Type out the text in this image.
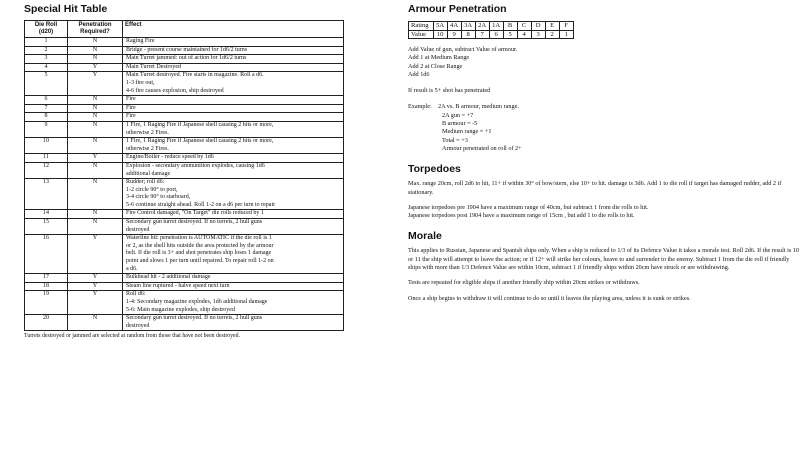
Special Hit Table
Die Roll (d20)	Penetration Required?	Effect
1	N	Raging Fire

2	N	Bridge - present course maintained for 1d6/2 turns

3	N	Main Turret jammed: out of action for 1d6/2 turns

4	Y	Main Turret Destroyed

5	Y	Main Turret destroyed. Fire starts in magazine. Roll a d6.
1-3 fire out,
4-6 fire causes explosion, ship destroyed

6	N	Fire

7	N	Fire

8	N	Fire

9	N	1 Fire, 1 Raging Fire if Japanese shell causing 2 hits or more,
otherwise 2 Fires.

10	N	1 Fire, 1 Raging Fire if Japanese shell causing 2 hits or more,
otherwise 2 Fires.

11	Y	Engine/Boiler - reduce speed by 1d6

12	N	Explosion - secondary ammunition explodes, causing 1d6
additional damage

13	N	Rudder; roll d6:
1-2 circle 90° to port,
3-4 circle 90° to starboard,
5-6 continue straight ahead. Roll 1-2 on a d6 per turn to repair

14	N	Fire Control damaged, "On Target" die rolls reduced by 1

15	N	Secondary gun turret destroyed. If no turrets, 2 hull guns
destroyed

16	Y	Waterline hit: penetration is AUTOMATIC if the die roll is 1
or 2, as the shell hits outside the area protected by the armour
belt. If die roll is 3+ and shot penetrates ship loses 1 damage
point and slows 1 per turn until repaired. To repair roll 1-2 on
a d6.

17	Y	Bulkhead hit - 2 additional damage

18	Y	Steam line ruptured - halve speed next turn

19	Y	Roll d6:
1-4: Secondary magazine explodes, 1d6 additional damage
5-6: Main magazine explodes, ship destroyed

20	N	Secondary gun turret destroyed. If no turrets, 2 hull guns
destroyed
Turrets destroyed or jammed are selected at random from those that have not been destroyed.
Armour Penetration
Rating	5A	4A	3A	2A	1A	B	C	D	E	F
Value	10	9	8	7	6	5	4	3	2	1

Add Value of gun, subtract Value of armour.

Add 1 at Medium Range

Add 2 at Close Range

Add 1d6

If result is 5+ shot has penetrated

Example: 2A vs. B armour, medium range.
2A gun = +7
B armour = -5
Medium range = +1
Total = +3
Armour penetrated on roll of 2+
Torpedoes

Max. range 20cm, roll 2d6 to hit, 11+ if within 30° of bow/stern, else 10+ to hit. damage is 3d6. Add 1 to die roll if target has damaged rudder, add 2 if stationary.

Japanese torpedoes pre 1904 have a maximum range of 40cm, but subtract 1 from die rolls to hit.

Japanese torpedoes post 1904 have a maximum range of 15cm , but add 1 to die rolls to hit.

Morale

This applies to Russian, Japanese and Spanish ships only. When a ship is reduced to 1/3 of its Defence Value it takes a morale test. Roll 2d6. If the result is 10 or 11 the ship will attempt to leave the action; or if 12+ will strike her colours, heave to and surrender to the enemy. Subtract 1 from the die roll if friendly ships with more than 1/3 Defence Value are within 10cm, subtract 1 if friendly ships within 20cm have struck or are withdrawing.

Tests are repeated for eligible ships if another friendly ship within 20cm strikes or withdraws.

Once a ship begins to withdraw it will continue to do so until it leaves the playing area, unless it is sunk or strikes.
